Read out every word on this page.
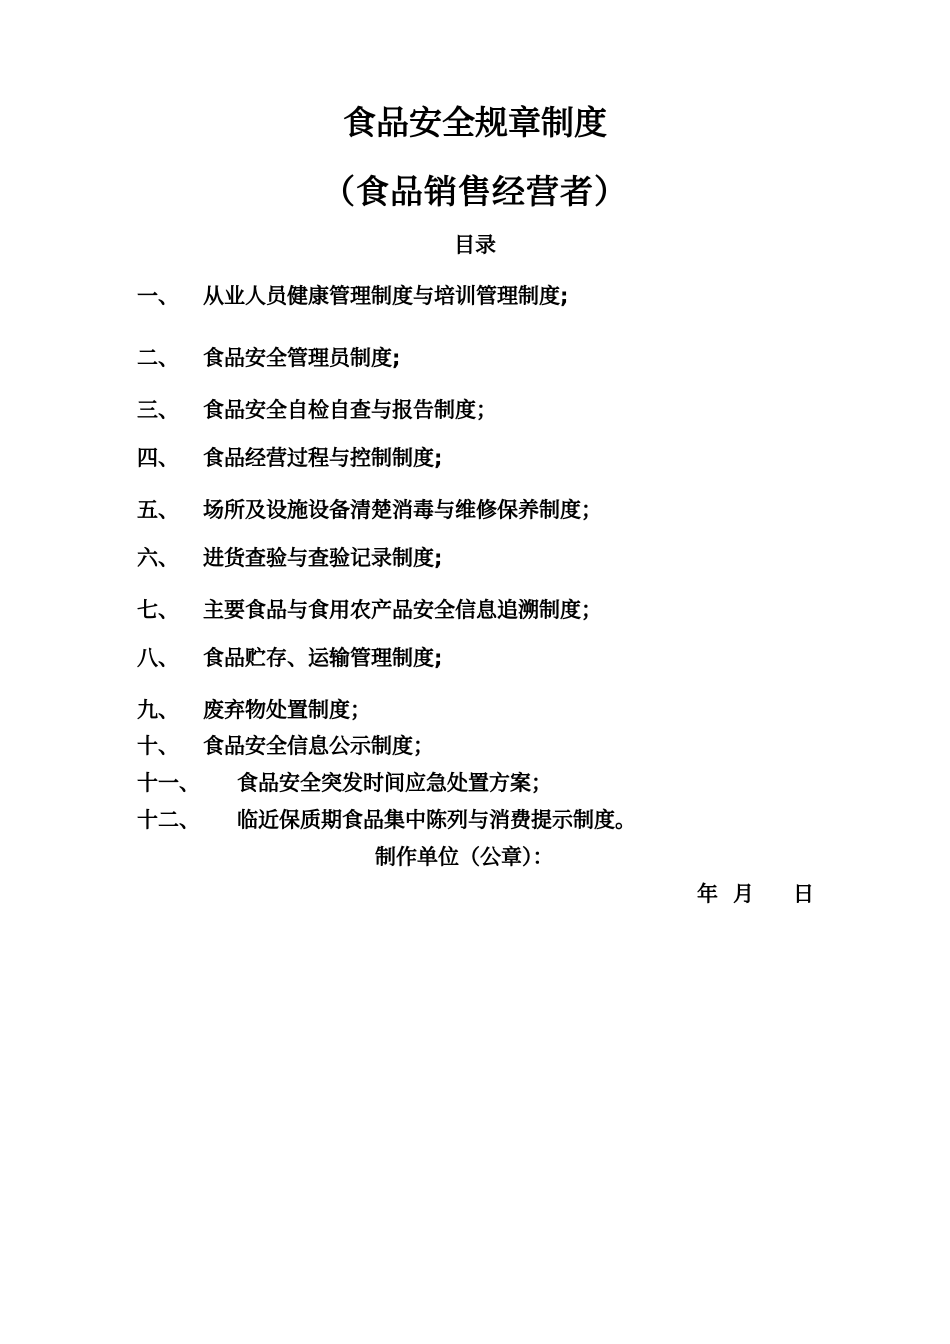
食品安全规章制度
（食品销售经营者）
目录
一、 从业人员健康管理制度与培训管理制度;
二、 食品安全管理员制度;
三、 食品安全自检自查与报告制度；
四、 食品经营过程与控制制度;
五、 场所及设施设备清楚消毒与维修保养制度；
六、 进货查验与查验记录制度;
七、 主要食品与食用农产品安全信息追溯制度；
八、 食品贮存、运输管理制度;
九、 废弃物处置制度；
十、 食品安全信息公示制度；
十一、 食品安全突发时间应急处置方案；
十二、 临近保质期食品集中陈列与消费提示制度。
制作单位（公章）：
年 月 日
